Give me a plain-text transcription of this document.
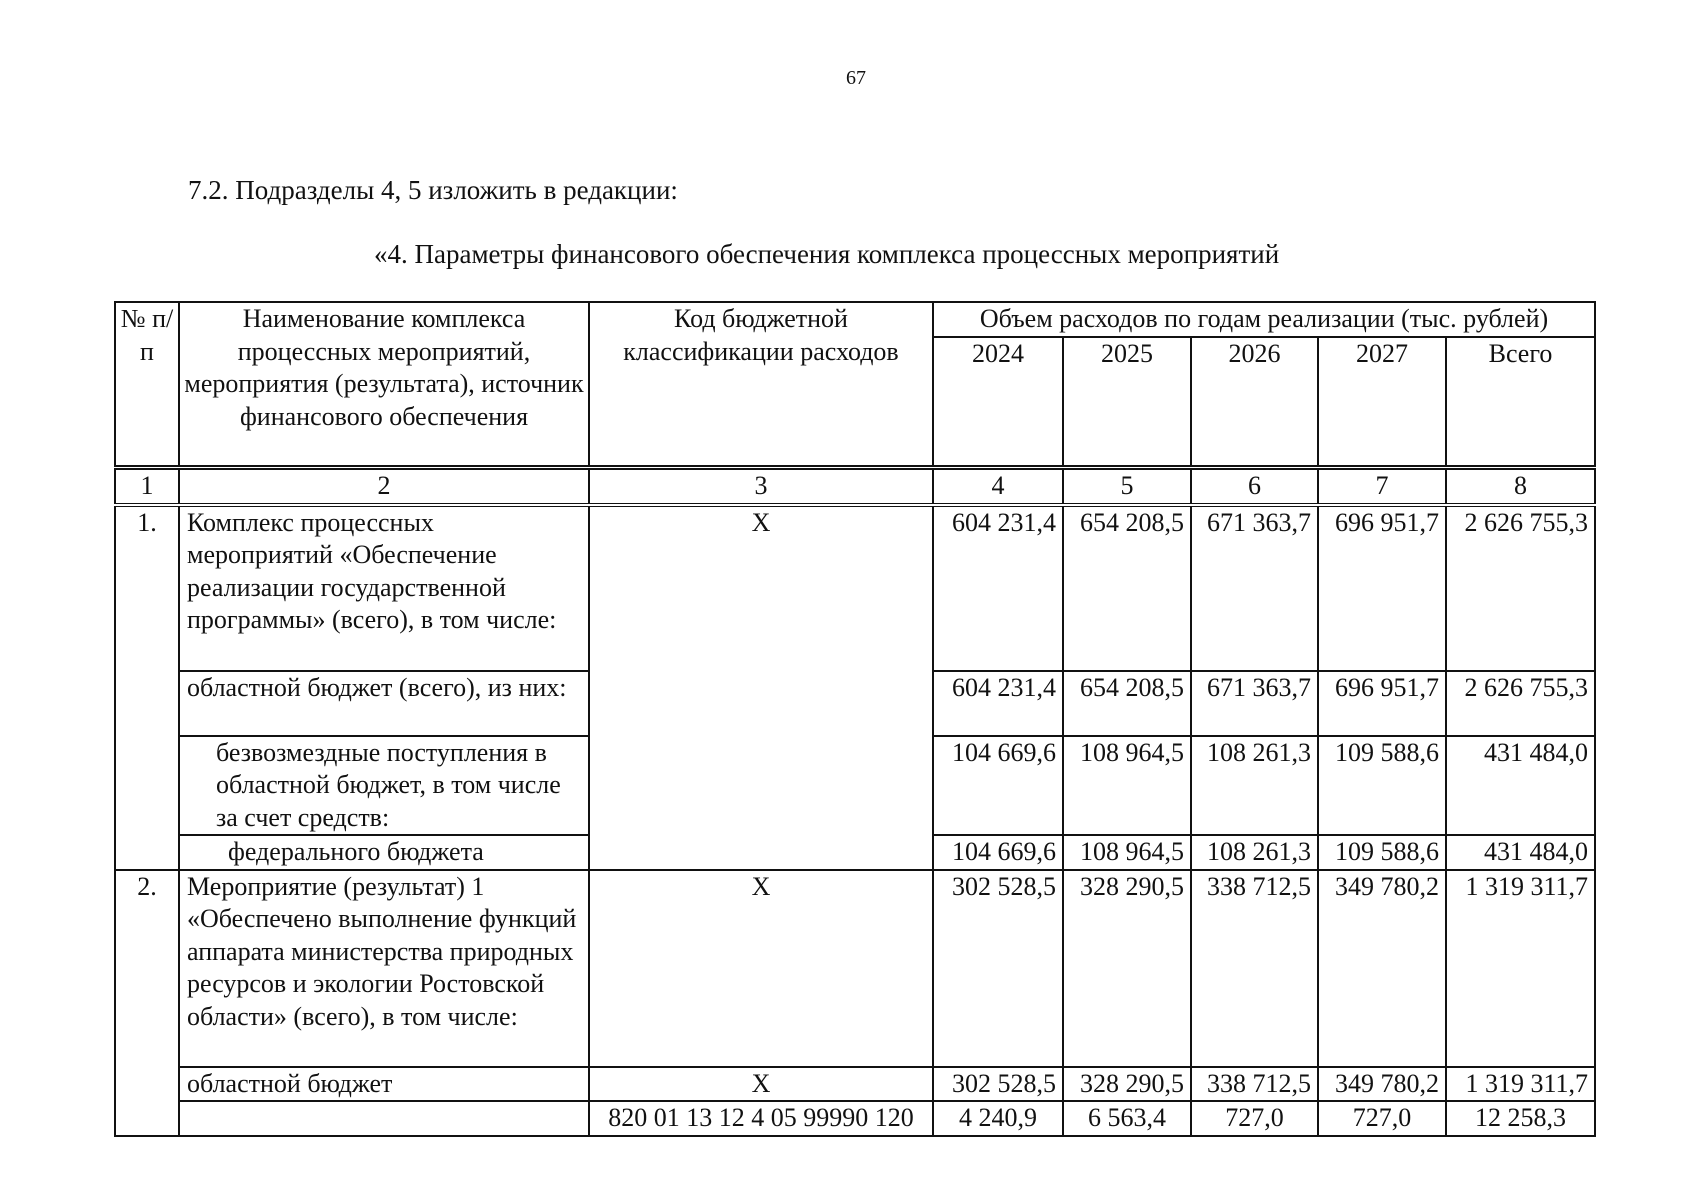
67
7.2. Подразделы 4, 5 изложить в редакции:
«4. Параметры финансового обеспечения комплекса процессных мероприятий
№ п/п	Наименование комплекса процессных мероприятий, мероприятия (результата), источник финансового обеспечения	Код бюджетной классификации расходов	Объем расходов по годам реализации (тыс. рублей)				
			2024	2025	2026	2027	Всего
1	2	3	4	5	6	7	8
1.	Комплекс процессных мероприятий «Обеспечение реализации государственной программы» (всего), в том числе:	Х	604 231,4	654 208,5	671 363,7	696 951,7	2 626 755,3
	областной бюджет (всего), из них:		604 231,4	654 208,5	671 363,7	696 951,7	2 626 755,3
	безвозмездные поступления в областной бюджет, в том числе за счет средств:		104 669,6	108 964,5	108 261,3	109 588,6	431 484,0
	федерального бюджета		104 669,6	108 964,5	108 261,3	109 588,6	431 484,0
2.	Мероприятие (результат) 1 «Обеспечено выполнение функций аппарата министерства природных ресурсов и экологии Ростовской области» (всего), в том числе:	Х	302 528,5	328 290,5	338 712,5	349 780,2	1 319 311,7
	областной бюджет	Х	302 528,5	328 290,5	338 712,5	349 780,2	1 319 311,7
		820 01 13 12 4 05 99990 120	4 240,9	6 563,4	727,0	727,0	12 258,3
